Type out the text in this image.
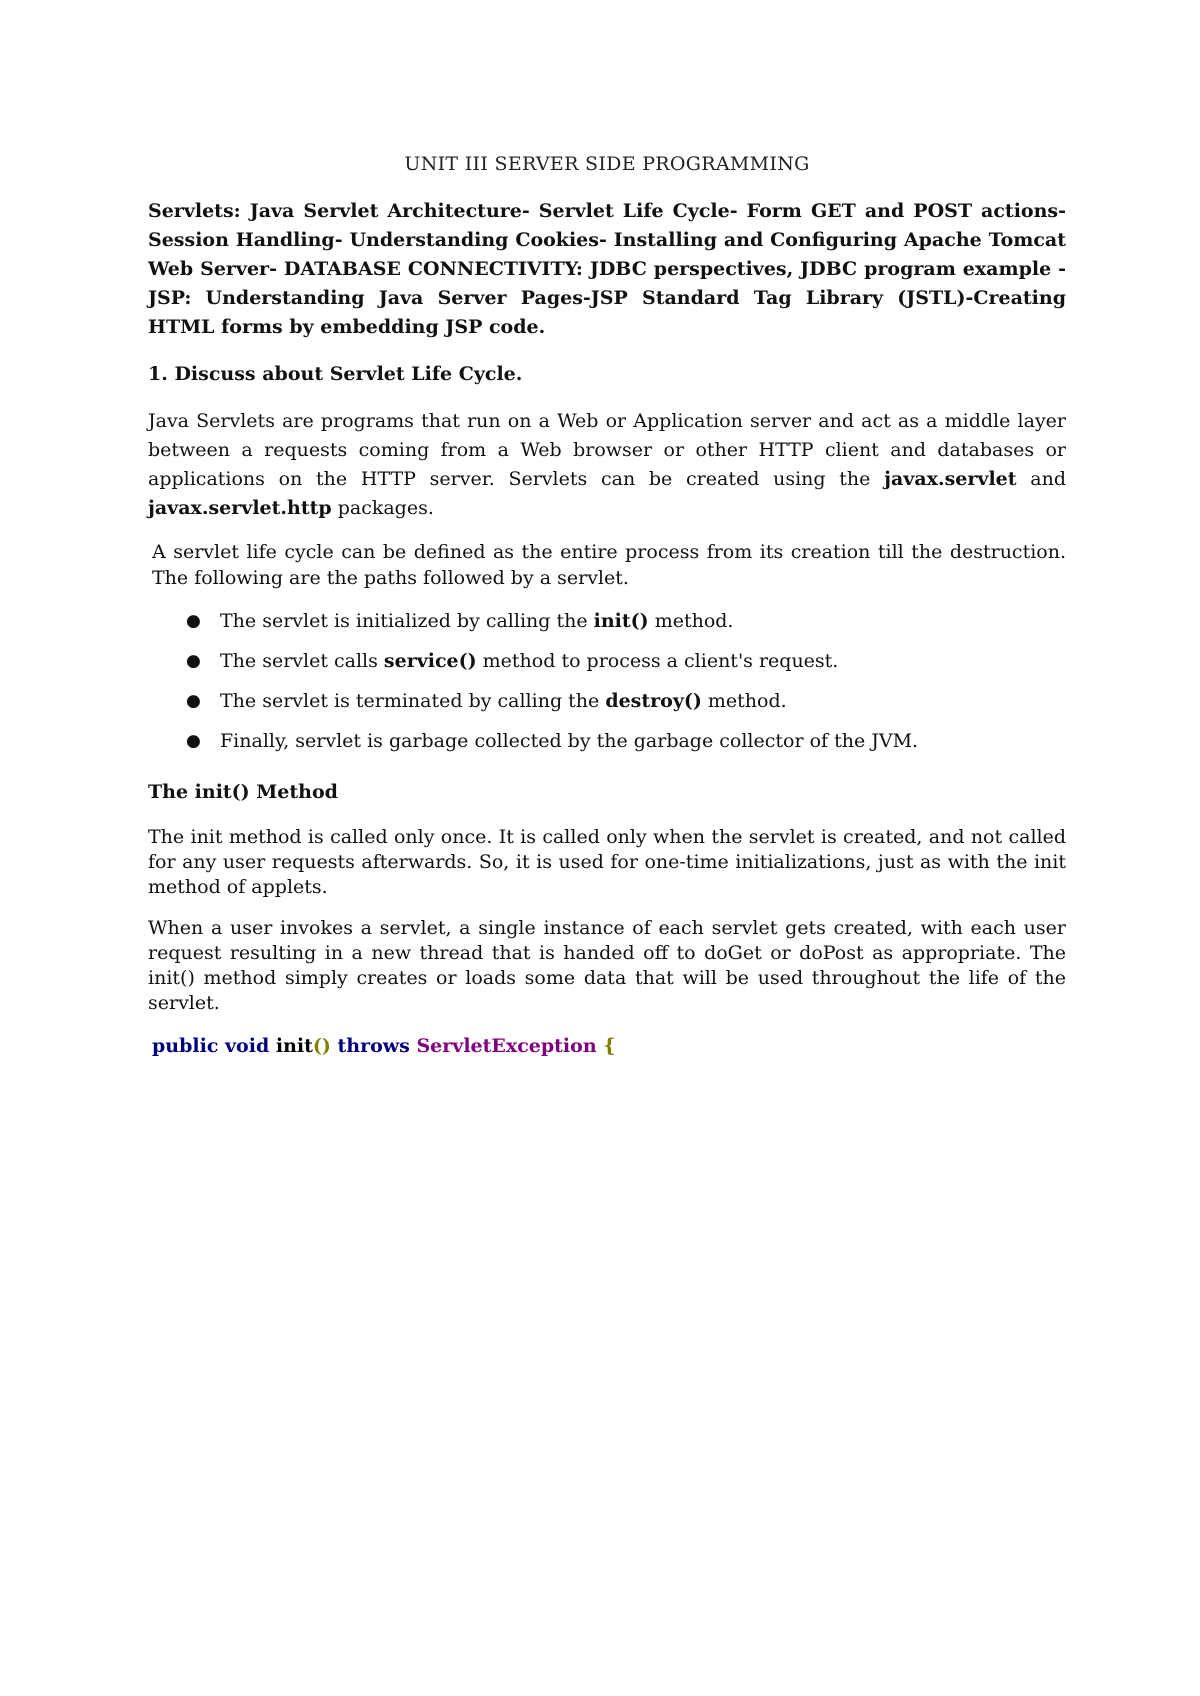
UNIT III SERVER SIDE PROGRAMMING
Servlets: Java Servlet Architecture- Servlet Life Cycle- Form GET and POST actions- Session Handling- Understanding Cookies- Installing and Configuring Apache Tomcat Web Server- DATABASE CONNECTIVITY: JDBC perspectives, JDBC program example - JSP: Understanding Java Server Pages-JSP Standard Tag Library (JSTL)-Creating HTML forms by embedding JSP code.
1. Discuss about Servlet Life Cycle.

Java Servlets are programs that run on a Web or Application server and act as a middle layer between a requests coming from a Web browser or other HTTP client and databases or applications on the HTTP server. Servlets can be created using the javax.servlet and javax.servlet.http packages.

A servlet life cycle can be defined as the entire process from its creation till the destruction. The following are the paths followed by a servlet.

● The servlet is initialized by calling the init() method.
● The servlet calls service() method to process a client's request.
● The servlet is terminated by calling the destroy() method.
● Finally, servlet is garbage collected by the garbage collector of the JVM.
The init() Method

The init method is called only once. It is called only when the servlet is created, and not called for any user requests afterwards. So, it is used for one-time initializations, just as with the init method of applets.

When a user invokes a servlet, a single instance of each servlet gets created, with each user request resulting in a new thread that is handed off to doGet or doPost as appropriate. The init() method simply creates or loads some data that will be used throughout the life of the servlet.

public void init() throws ServletException {
